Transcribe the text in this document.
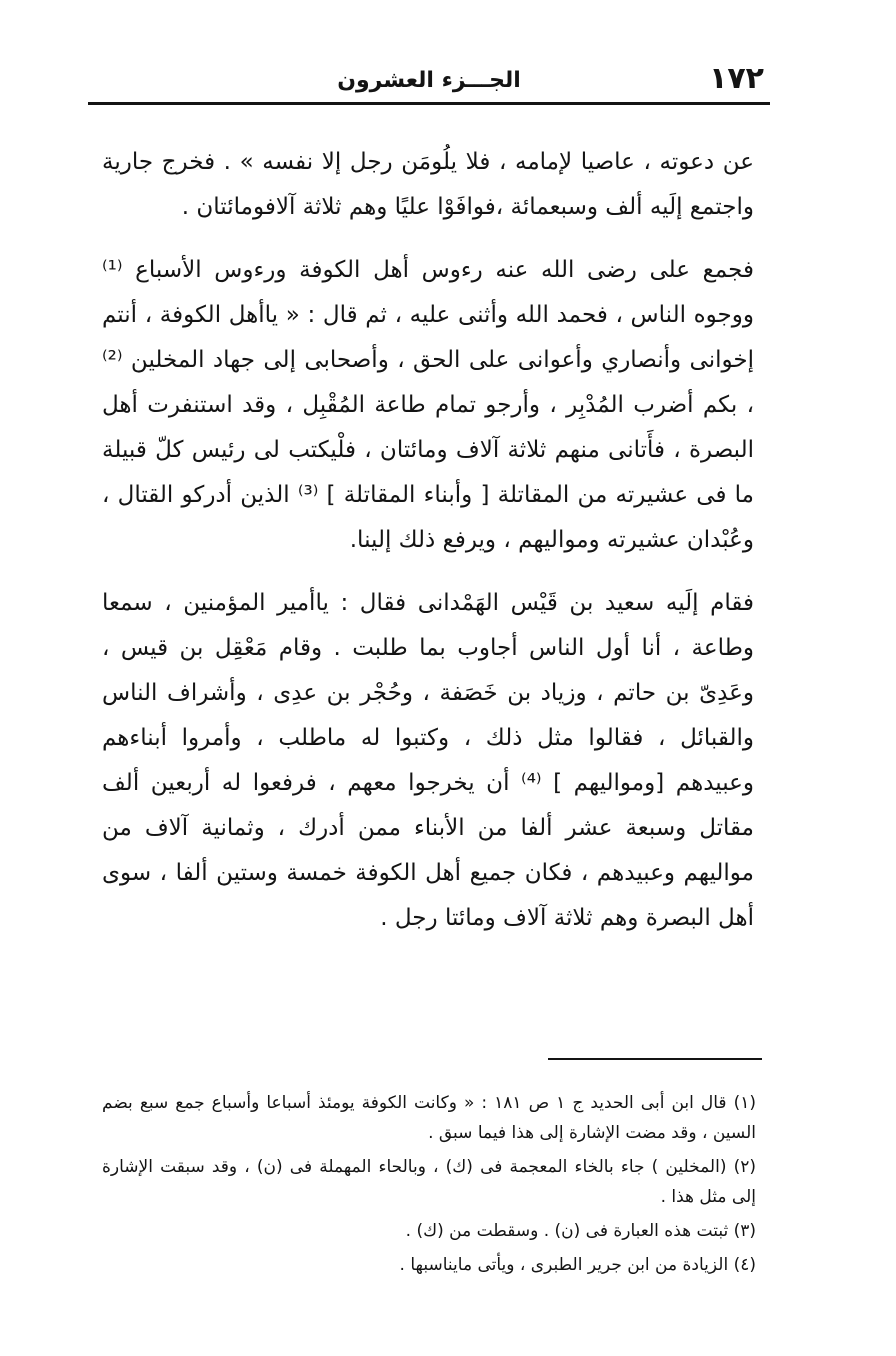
١٧٢
الجـــزء العشرون

عن دعوته ، عاصيا لإمامه ، فلا يلُومَن رجل إلا نفسه » . فخرج جارية واجتمع إلَيه ألف وسبعمائة ،فوافَوْا عليًا وهم ثلاثة آلافومائتان .

فجمع على رضى الله عنه رءوس أهل الكوفة ورءوس الأسباع ⁽¹⁾ ووجوه الناس ، فحمد الله وأثنى عليه ، ثم قال : « ياأهل الكوفة ، أنتم إخوانى وأنصاري وأعوانى على الحق ، وأصحابى إلى جهاد المخلين ⁽²⁾ ، بكم أضرب المُدْبِر ، وأرجو تمام طاعة المُقْبِل ، وقد استنفرت أهل البصرة ، فأَتانى منهم ثلاثة آلاف ومائتان ، فلْيكتب لى رئيس كلّ قبيلة ما فى عشيرته من المقاتلة [ وأبناء المقاتلة ] ⁽³⁾ الذين أدركو القتال ، وعُبْدان عشيرته ومواليهم ، ويرفع ذلك إلينا.

فقام إلَيه سعيد بن قَيْس الهَمْدانى فقال : ياأمير المؤمنين ، سمعا وطاعة ، أنا أول الناس أجاوب بما طلبت . وقام مَعْقِل بن قيس ، وعَدِىّ بن حاتم ، وزياد بن خَصَفة ، وحُجْر بن عدِى ، وأشراف الناس والقبائل ، فقالوا مثل ذلك ، وكتبوا له ماطلب ، وأمروا أبناءهم وعبيدهم [ومواليهم ] ⁽⁴⁾ أن يخرجوا معهم ، فرفعوا له أربعين ألف مقاتل وسبعة عشر ألفا من الأبناء ممن أدرك ، وثمانية آلاف من مواليهم وعبيدهم ، فكان جميع أهل الكوفة خمسة وستين ألفا ، سوى أهل البصرة وهم ثلاثة آلاف ومائتا رجل .

(١) قال ابن أبى الحديد ج ١ ص ١٨١ : « وكانت الكوفة يومئذ أسباعا وأسباع جمع سبع بضم السين ، وقد مضت الإشارة إلى هذا فيما سبق .

(٢) (المخلين ) جاء بالخاء المعجمة فى (ك) ، وبالحاء المهملة فى (ن) ، وقد سبقت الإشارة إلى مثل هذا .

(٣) ثبتت هذه العبارة فى (ن) . وسقطت من (ك) .

(٤) الزيادة من ابن جرير الطبرى ، ويأتى مايناسبها .
